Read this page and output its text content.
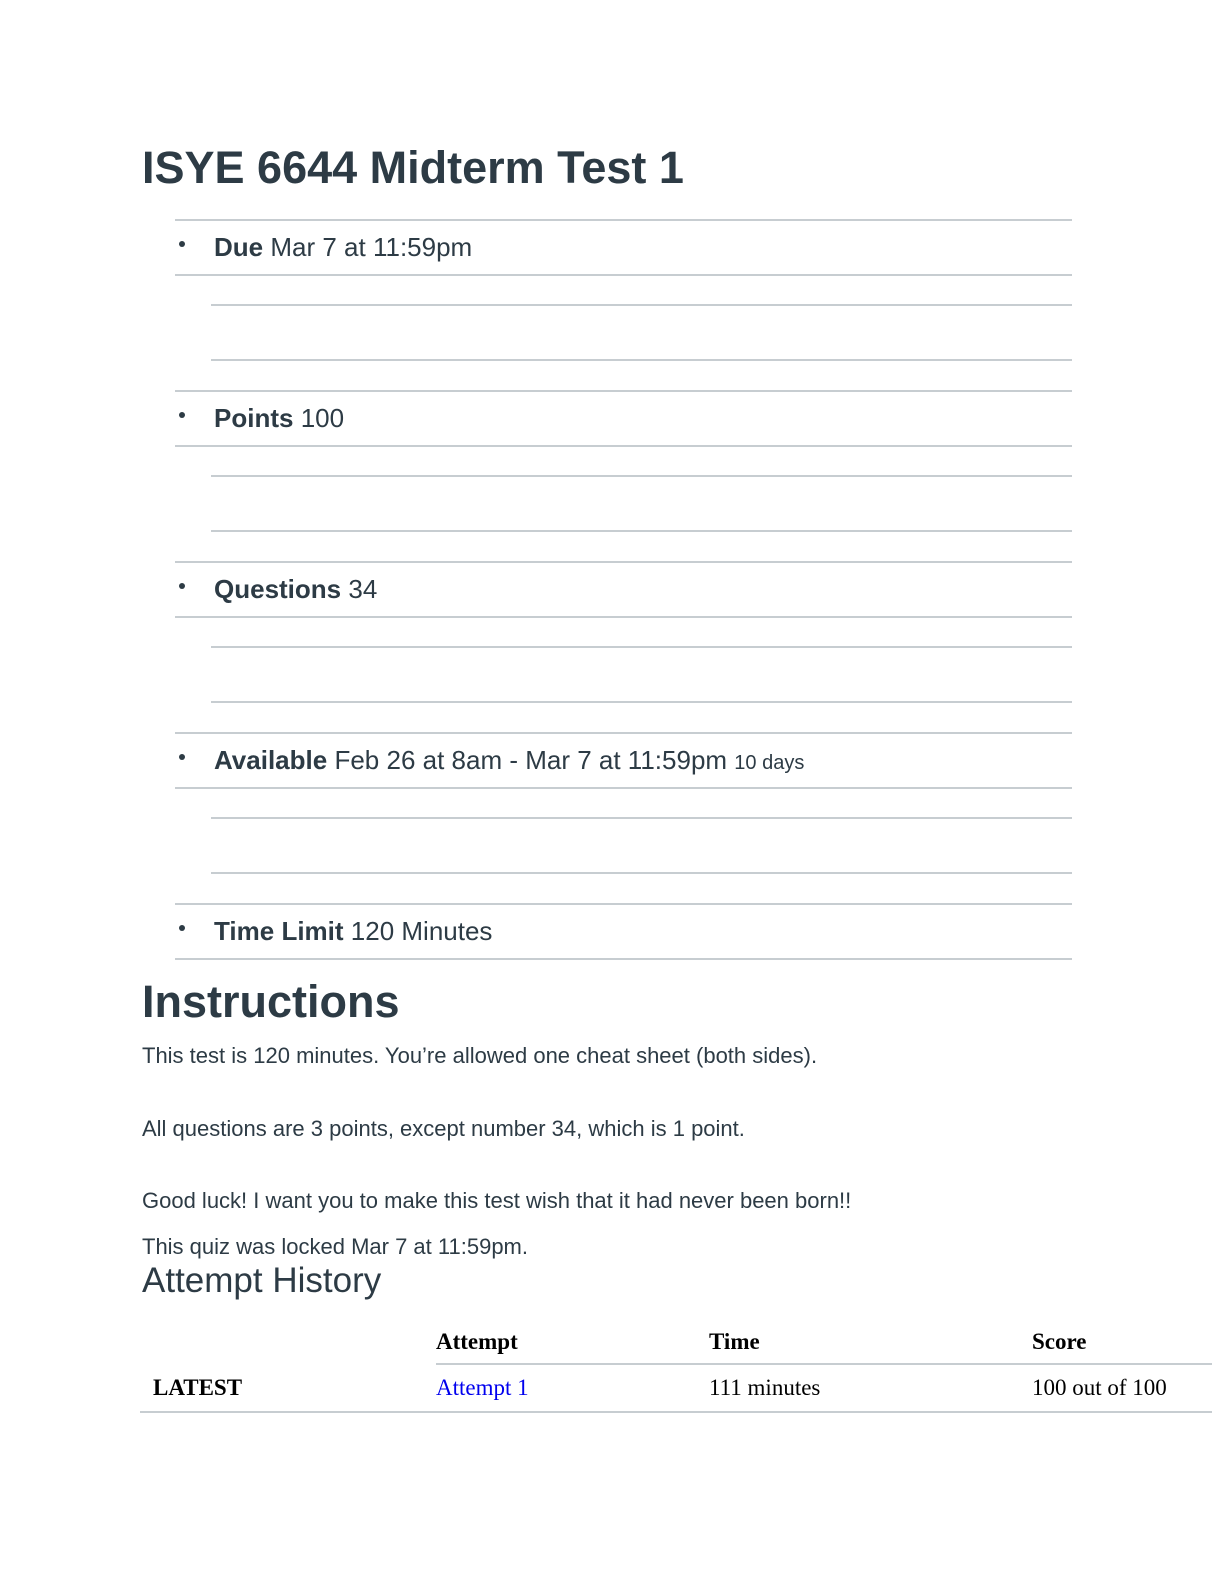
ISYE 6644 Midterm Test 1
Due Mar 7 at 11:59pm
Points 100
Questions 34
Available Feb 26 at 8am - Mar 7 at 11:59pm 10 days
Time Limit 120 Minutes
Instructions

This test is 120 minutes. You’re allowed one cheat sheet (both sides).

All questions are 3 points, except number 34, which is 1 point.

Good luck! I want you to make this test wish that it had never been born!!

This quiz was locked Mar 7 at 11:59pm.

Attempt History
	Attempt	Time	Score
LATEST	Attempt 1	111 minutes	100 out of 100
